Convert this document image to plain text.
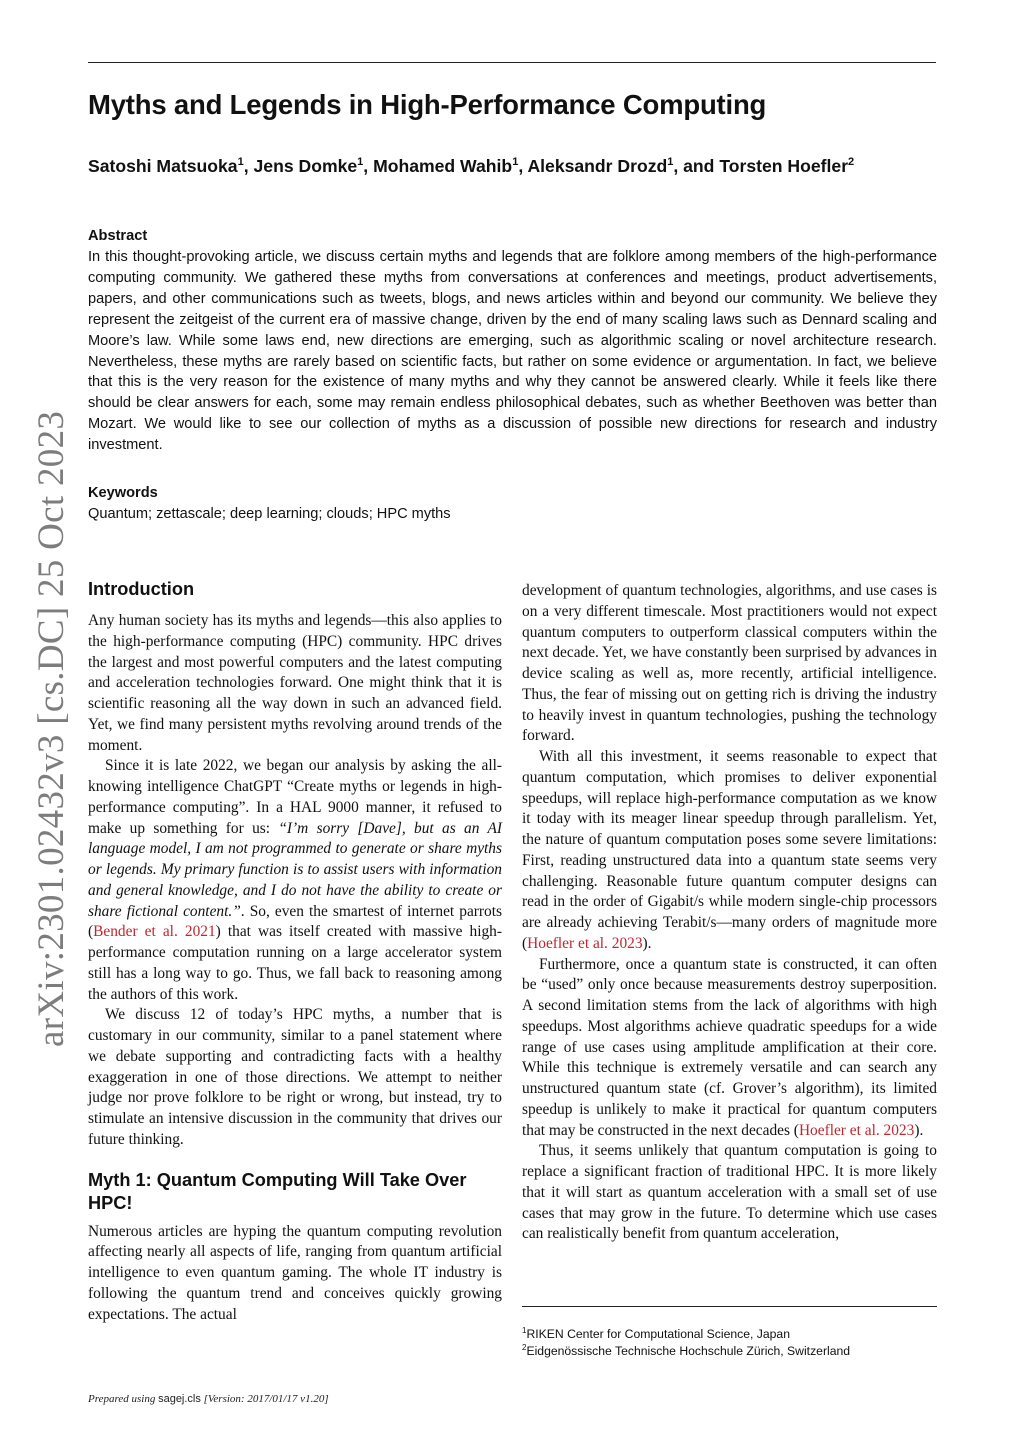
Myths and Legends in High-Performance Computing
Satoshi Matsuoka$^1$, Jens Domke$^1$, Mohamed Wahib$^1$, Aleksandr Drozd$^1$, and Torsten Hoefler$^2$
Abstract

In this thought-provoking article, we discuss certain myths and legends that are folklore among members of the high-performance computing community. We gathered these myths from conversations at conferences and meetings, product advertisements, papers, and other communications such as tweets, blogs, and news articles within and beyond our community. We believe they represent the zeitgeist of the current era of massive change, driven by the end of many scaling laws such as Dennard scaling and Moore’s law. While some laws end, new directions are emerging, such as algorithmic scaling or novel architecture research. Nevertheless, these myths are rarely based on scientific facts, but rather on some evidence or argumentation. In fact, we believe that this is the very reason for the existence of many myths and why they cannot be answered clearly. While it feels like there should be clear answers for each, some may remain endless philosophical debates, such as whether Beethoven was better than Mozart. We would like to see our collection of myths as a discussion of possible new directions for research and industry investment.

Keywords
Quantum; zettascale; deep learning; clouds; HPC myths
arXiv:2301.02432v3 [cs.DC] 25 Oct 2023 Introduction

Any human society has its myths and legends—this also applies to the high-performance computing (HPC) community. HPC drives the largest and most powerful computers and the latest computing and acceleration technologies forward. One might think that it is scientific reasoning all the way down in such an advanced field. Yet, we find many persistent myths revolving around trends of the moment.

Since it is late 2022, we began our analysis by asking the all-knowing intelligence ChatGPT “Create myths or legends in high-performance computing”. In a HAL 9000 manner, it refused to make up something for us: “I’m sorry [Dave], but as an AI language model, I am not programmed to generate or share myths or legends. My primary function is to assist users with information and general knowledge, and I do not have the ability to create or share fictional content.”. So, even the smartest of internet parrots (Bender et al. 2021) that was itself created with massive high-performance computation running on a large accelerator system still has a long way to go. Thus, we fall back to reasoning among the authors of this work.

We discuss 12 of today’s HPC myths, a number that is customary in our community, similar to a panel statement where we debate supporting and contradicting facts with a healthy exaggeration in one of those directions. We attempt to neither judge nor prove folklore to be right or wrong, but instead, try to stimulate an intensive discussion in the community that drives our future thinking.

Myth 1: Quantum Computing Will Take Over HPC!

Numerous articles are hyping the quantum computing revolution affecting nearly all aspects of life, ranging from quantum artificial intelligence to even quantum gaming. The whole IT industry is following the quantum trend and conceives quickly growing expectations. The actual

development of quantum technologies, algorithms, and use cases is on a very different timescale. Most practitioners would not expect quantum computers to outperform classical computers within the next decade. Yet, we have constantly been surprised by advances in device scaling as well as, more recently, artificial intelligence. Thus, the fear of missing out on getting rich is driving the industry to heavily invest in quantum technologies, pushing the technology forward.

With all this investment, it seems reasonable to expect that quantum computation, which promises to deliver exponential speedups, will replace high-performance computation as we know it today with its meager linear speedup through parallelism. Yet, the nature of quantum computation poses some severe limitations: First, reading unstructured data into a quantum state seems very challenging. Reasonable future quantum computer designs can read in the order of Gigabit/s while modern single-chip processors are already achieving Terabit/s—many orders of magnitude more (Hoefler et al. 2023).

Furthermore, once a quantum state is constructed, it can often be “used” only once because measurements destroy superposition. A second limitation stems from the lack of algorithms with high speedups. Most algorithms achieve quadratic speedups for a wide range of use cases using amplitude amplification at their core. While this technique is extremely versatile and can search any unstructured quantum state (cf. Grover’s algorithm), its limited speedup is unlikely to make it practical for quantum computers that may be constructed in the next decades (Hoefler et al. 2023).

Thus, it seems unlikely that quantum computation is going to replace a significant fraction of traditional HPC. It is more likely that it will start as quantum acceleration with a small set of use cases that may grow in the future. To determine which use cases can realistically benefit from quantum acceleration,

$^1$RIKEN Center for Computational Science, Japan
$^2$Eidgenössische Technische Hochschule Zürich, Switzerland
Prepared using sagej.cls [Version: 2017/01/17 v1.20]
